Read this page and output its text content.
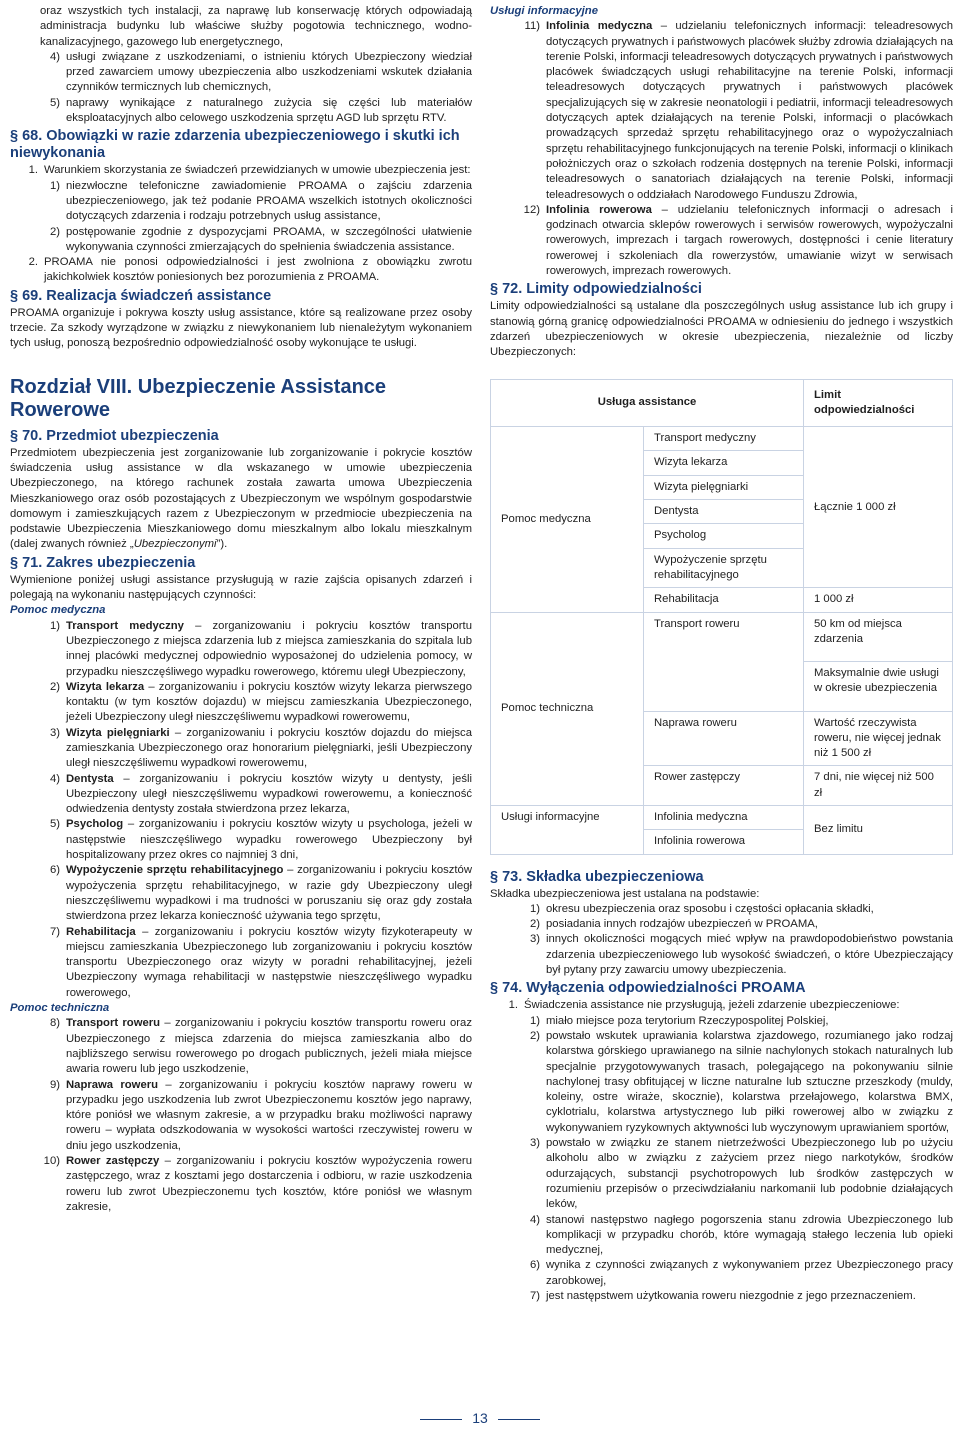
oraz wszystkich tych instalacji, za naprawę lub konserwację których odpowiadają administracja budynku lub właściwe służby pogotowia technicznego, wodno-kanalizacyjnego, gazowego lub energetycznego,

4) usługi związane z uszkodzeniami, o istnieniu których Ubezpieczony wiedział przed zawarciem umowy ubezpieczenia albo uszkodzeniami wskutek działania czynników termicznych lub chemicznych,

5) naprawy wynikające z naturalnego zużycia się części lub materiałów eksploatacyjnych albo celowego uszkodzenia sprzętu AGD lub sprzętu RTV.

§ 68. Obowiązki w razie zdarzenia ubezpieczeniowego i skutki ich niewykonania

1. Warunkiem skorzystania ze świadczeń przewidzianych w umowie ubezpieczenia jest:

1) niezwłoczne telefoniczne zawiadomienie PROAMA o zajściu zdarzenia ubezpieczeniowego, jak też podanie PROAMA wszelkich istotnych okoliczności dotyczących zdarzenia i rodzaju potrzebnych usług assistance,

2) postępowanie zgodnie z dyspozycjami PROAMA, w szczególności ułatwienie wykonywania czynności zmierzających do spełnienia świadczenia assistance.

2. PROAMA nie ponosi odpowiedzialności i jest zwolniona z obowiązku zwrotu jakichkolwiek kosztów poniesionych bez porozumienia z PROAMA.

§ 69. Realizacja świadczeń assistance

PROAMA organizuje i pokrywa koszty usług assistance, które są realizowane przez osoby trzecie. Za szkody wyrządzone w związku z niewykonaniem lub nienależytym wykonaniem tych usług, ponoszą bezpośrednio odpowiedzialność osoby wykonujące te usługi.

Rozdział VIII. Ubezpieczenie Assistance Rowerowe
§ 70. Przedmiot ubezpieczenia

Przedmiotem ubezpieczenia jest zorganizowanie lub zorganizowanie i pokrycie kosztów świadczenia usług assistance w dla wskazanego w umowie ubezpieczenia Ubezpieczonego, na którego rachunek została zawarta umowa Ubezpieczenia Mieszkaniowego oraz osób pozostających z Ubezpieczonym we wspólnym gospodarstwie domowym i zamieszkujących razem z Ubezpieczonym w przedmiocie ubezpieczenia na podstawie Ubezpieczenia Mieszkaniowego domu mieszkalnym albo lokalu mieszkalnym (dalej zwanych również „Ubezpieczonymi”).

§ 71. Zakres ubezpieczenia

Wymienione poniżej usługi assistance przysługują w razie zajścia opisanych zdarzeń i polegają na wykonaniu następujących czynności:

Pomoc medyczna

1) Transport medyczny – zorganizowaniu i pokryciu kosztów transportu Ubezpieczonego z miejsca zdarzenia lub z miejsca zamieszkania do szpitala lub innej placówki medycznej odpowiednio wyposażonej do udzielenia pomocy, w przypadku nieszczęśliwego wypadku rowerowego, któremu uległ Ubezpieczony,

2) Wizyta lekarza – zorganizowaniu i pokryciu kosztów wizyty lekarza pierwszego kontaktu (w tym kosztów dojazdu) w miejscu zamieszkania Ubezpieczonego, jeżeli Ubezpieczony uległ nieszczęśliwemu wypadkowi rowerowemu,

3) Wizyta pielęgniarki – zorganizowaniu i pokryciu kosztów dojazdu do miejsca zamieszkania Ubezpieczonego oraz honorarium pielęgniarki, jeśli Ubezpieczony uległ nieszczęśliwemu wypadkowi rowerowemu,

4) Dentysta – zorganizowaniu i pokryciu kosztów wizyty u dentysty, jeśli Ubezpieczony uległ nieszczęśliwemu wypadkowi rowerowemu, a konieczność odwiedzenia dentysty została stwierdzona przez lekarza,

5) Psycholog – zorganizowaniu i pokryciu kosztów wizyty u psychologa, jeżeli w następstwie nieszczęśliwego wypadku rowerowego Ubezpieczony był hospitalizowany przez okres co najmniej 3 dni,

6) Wypożyczenie sprzętu rehabilitacyjnego – zorganizowaniu i pokryciu kosztów wypożyczenia sprzętu rehabilitacyjnego, w razie gdy Ubezpieczony uległ nieszczęśliwemu wypadkowi i ma trudności w poruszaniu się oraz gdy została stwierdzona przez lekarza konieczność używania tego sprzętu,

7) Rehabilitacja – zorganizowaniu i pokryciu kosztów wizyty fizykoterapeuty w miejscu zamieszkania Ubezpieczonego lub zorganizowaniu i pokryciu kosztów transportu Ubezpieczonego oraz wizyty w poradni rehabilitacyjnej, jeżeli Ubezpieczony wymaga rehabilitacji w następstwie nieszczęśliwego wypadku rowerowego,

Pomoc techniczna

8) Transport roweru – zorganizowaniu i pokryciu kosztów transportu roweru oraz Ubezpieczonego z miejsca zdarzenia do miejsca zamieszkania albo do najbliższego serwisu rowerowego po drogach publicznych, jeżeli miała miejsce awaria roweru lub jego uszkodzenie,

9) Naprawa roweru – zorganizowaniu i pokryciu kosztów naprawy roweru w przypadku jego uszkodzenia lub zwrot Ubezpieczonemu kosztów jego naprawy, które poniósł we własnym zakresie, a w przypadku braku możliwości naprawy roweru – wypłata odszkodowania w wysokości wartości rzeczywistej roweru w dniu jego uszkodzenia,

10) Rower zastępczy – zorganizowaniu i pokryciu kosztów wypożyczenia roweru zastępczego, wraz z kosztami jego dostarczenia i odbioru, w razie uszkodzenia roweru lub zwrot Ubezpieczonemu tych kosztów, które poniósł we własnym zakresie,

Usługi informacyjne

11) Infolinia medyczna – udzielaniu telefonicznych informacji: teleadresowych dotyczących prywatnych i państwowych placówek służby zdrowia działających na terenie Polski, informacji teleadresowych dotyczących prywatnych i państwowych placówek świadczących usługi rehabilitacyjne na terenie Polski, informacji teleadresowych dotyczących prywatnych i państwowych placówek specjalizujących się w zakresie neonatologii i pediatrii, informacji teleadresowych dotyczących aptek działających na terenie Polski, informacji o placówkach prowadzących sprzedaż sprzętu rehabilitacyjnego oraz o wypożyczalniach sprzętu rehabilitacyjnego funkcjonujących na terenie Polski, informacji o klinikach położniczych oraz o szkołach rodzenia dostępnych na terenie Polski, informacji teleadresowych o sanatoriach działających na terenie Polski, informacji teleadresowych o oddziałach Narodowego Funduszu Zdrowia,

12) Infolinia rowerowa – udzielaniu telefonicznych informacji o adresach i godzinach otwarcia sklepów rowerowych i serwisów rowerowych, wypożyczalni rowerowych, imprezach i targach rowerowych, dostępności i cenie literatury rowerowej i szkoleniach dla rowerzystów, umawianie wizyt w serwisach rowerowych, imprezach rowerowych.

§ 72. Limity odpowiedzialności

Limity odpowiedzialności są ustalane dla poszczególnych usług assistance lub ich grupy i stanowią górną granicę odpowiedzialności PROAMA w odniesieniu do jednego i wszystkich zdarzeń ubezpieczeniowych w okresie ubezpieczenia, niezależnie od liczby Ubezpieczonych:

Usługa assistance		Limit odpowiedzialności
Pomoc medyczna	Transport medyczny	Łącznie 1 000 zł
	Wizyta lekarza	
	Wizyta pielęgniarki	
	Dentysta	
	Psycholog	
	Wypożyczenie sprzętu rehabilitacyjnego	
	Rehabilitacja	1 000 zł
Pomoc techniczna	Transport roweru	50 km od miejsca zdarzenia
		Maksymalnie dwie usługi w okresie ubezpieczenia
	Naprawa roweru	Wartość rzeczywista roweru, nie więcej jednak niż 1 500 zł
	Rower zastępczy	7 dni, nie więcej niż 500 zł
Usługi informacyjne	Infolinia medyczna	Bez limitu
	Infolinia rowerowa	
§ 73. Składka ubezpieczeniowa

Składka ubezpieczeniowa jest ustalana na podstawie:

1) okresu ubezpieczenia oraz sposobu i częstości opłacania składki,

2) posiadania innych rodzajów ubezpieczeń w PROAMA,

3) innych okoliczności mogących mieć wpływ na prawdopodobieństwo powstania zdarzenia ubezpieczeniowego lub wysokość świadczeń, o które Ubezpieczający był pytany przy zawarciu umowy ubezpieczenia.

§ 74. Wyłączenia odpowiedzialności PROAMA

1. Świadczenia assistance nie przysługują, jeżeli zdarzenie ubezpieczeniowe:

1) miało miejsce poza terytorium Rzeczypospolitej Polskiej,

2) powstało wskutek uprawiania kolarstwa zjazdowego, rozumianego jako rodzaj kolarstwa górskiego uprawianego na silnie nachylonych stokach naturalnych lub specjalnie przygotowywanych trasach, polegającego na pokonywaniu silnie nachylonej trasy obfitującej w liczne naturalne lub sztuczne przeszkody (muldy, koleiny, ostre wiraże, skocznie), kolarstwa przełajowego, kolarstwa BMX, cyklotrialu, kolarstwa artystycznego lub piłki rowerowej albo w związku z wykonywaniem ryzykownych aktywności lub wyczynowym uprawianiem sportów,

3) powstało w związku ze stanem nietrzeźwości Ubezpieczonego lub po użyciu alkoholu albo w związku z zażyciem przez niego narkotyków, środków odurzających, substancji psychotropowych lub środków zastępczych w rozumieniu przepisów o przeciwdziałaniu narkomanii lub podobnie działających leków,

4) stanowi następstwo nagłego pogorszenia stanu zdrowia Ubezpieczonego lub komplikacji w przypadku chorób, które wymagają stałego leczenia lub opieki medycznej,

6) wynika z czynności związanych z wykonywaniem przez Ubezpieczonego pracy zarobkowej,

7) jest następstwem użytkowania roweru niezgodnie z jego przeznaczeniem.

13
